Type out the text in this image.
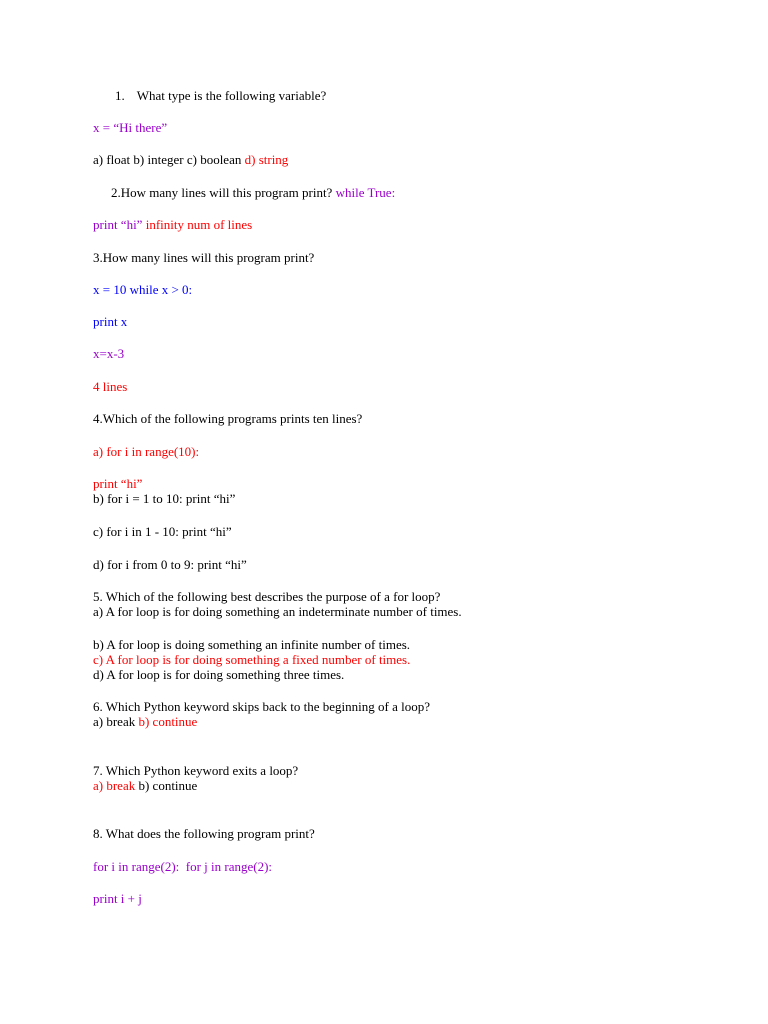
1. What type is the following variable?
x = “Hi there”
a) float b) integer c) boolean d) string
2.How many lines will this program print? while True:
print “hi” infinity num of lines
3.How many lines will this program print?
x = 10 while x > 0:
print x
x=x-3
4 lines
4.Which of the following programs prints ten lines?
a) for i in range(10):
print “hi”
b) for i = 1 to 10: print “hi”
c) for i in 1 - 10: print “hi”
d) for i from 0 to 9: print “hi”
5. Which of the following best describes the purpose of a for loop?
a) A for loop is for doing something an indeterminate number of times.
b) A for loop is doing something an infinite number of times.
c) A for loop is for doing something a fixed number of times.
d) A for loop is for doing something three times.
6. Which Python keyword skips back to the beginning of a loop?
a) break b) continue
7. Which Python keyword exits a loop?
a) break b) continue
8. What does the following program print?
for i in range(2):  for j in range(2):
print i + j
